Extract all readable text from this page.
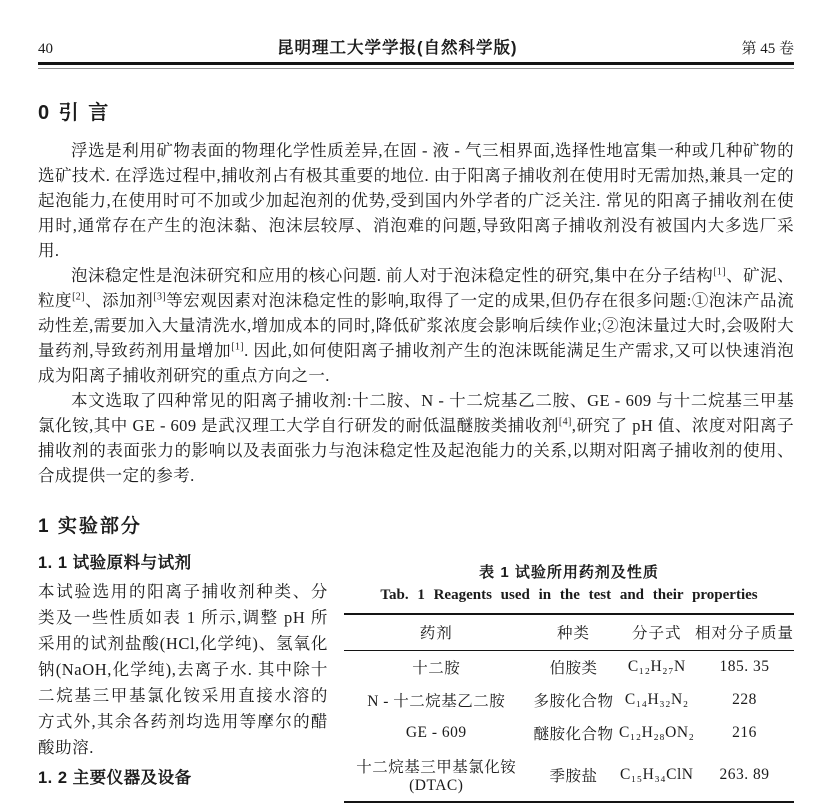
40	昆明理工大学学报(自然科学版)	第 45 卷
0 引 言

浮选是利用矿物表面的物理化学性质差异,在固 - 液 - 气三相界面,选择性地富集一种或几种矿物的选矿技术. 在浮选过程中,捕收剂占有极其重要的地位. 由于阳离子捕收剂在使用时无需加热,兼具一定的起泡能力,在使用时可不加或少加起泡剂的优势,受到国内外学者的广泛关注. 常见的阳离子捕收剂在使用时,通常存在产生的泡沫黏、泡沫层较厚、消泡难的问题,导致阳离子捕收剂没有被国内大多选厂采用.

泡沫稳定性是泡沫研究和应用的核心问题. 前人对于泡沫稳定性的研究,集中在分子结构[1]、矿泥、粒度[2]、添加剂[3]等宏观因素对泡沫稳定性的影响,取得了一定的成果,但仍存在很多问题:①泡沫产品流动性差,需要加入大量清洗水,增加成本的同时,降低矿浆浓度会影响后续作业;②泡沫量过大时,会吸附大量药剂,导致药剂用量增加[1]. 因此,如何使阳离子捕收剂产生的泡沫既能满足生产需求,又可以快速消泡成为阳离子捕收剂研究的重点方向之一.

本文选取了四种常见的阳离子捕收剂:十二胺、N - 十二烷基乙二胺、GE - 609 与十二烷基三甲基氯化铵,其中 GE - 609 是武汉理工大学自行研发的耐低温醚胺类捕收剂[4],研究了 pH 值、浓度对阳离子捕收剂的表面张力的影响以及表面张力与泡沫稳定性及起泡能力的关系,以期对阳离子捕收剂的使用、合成提供一定的参考.

1 实验部分
1. 1 试验原料与试剂

本试验选用的阳离子捕收剂种类、分类及一些性质如表 1 所示,调整 pH 所采用的试剂盐酸(HCl,化学纯)、氢氧化钠(NaOH,化学纯),去离子水. 其中除十二烷基三甲基氯化铵采用直接水溶的方式外,其余各药剂均选用等摩尔的醋酸助溶.

1. 2 主要仪器及设备
表 1 试验所用药剂及性质
Tab. 1 Reagents used in the test and their properties
药剂	种类	分子式	相对分子质量
十二胺	伯胺类	C₁₂H₂₇N	185. 35
N - 十二烷基乙二胺	多胺化合物	C₁₄H₃₂N₂	228
GE - 609	醚胺化合物	C₁₂H₂₈ON₂	216
十二烷基三甲基氯化铵(DTAC)	季胺盐	C₁₅H₃₄ClN	263. 89
